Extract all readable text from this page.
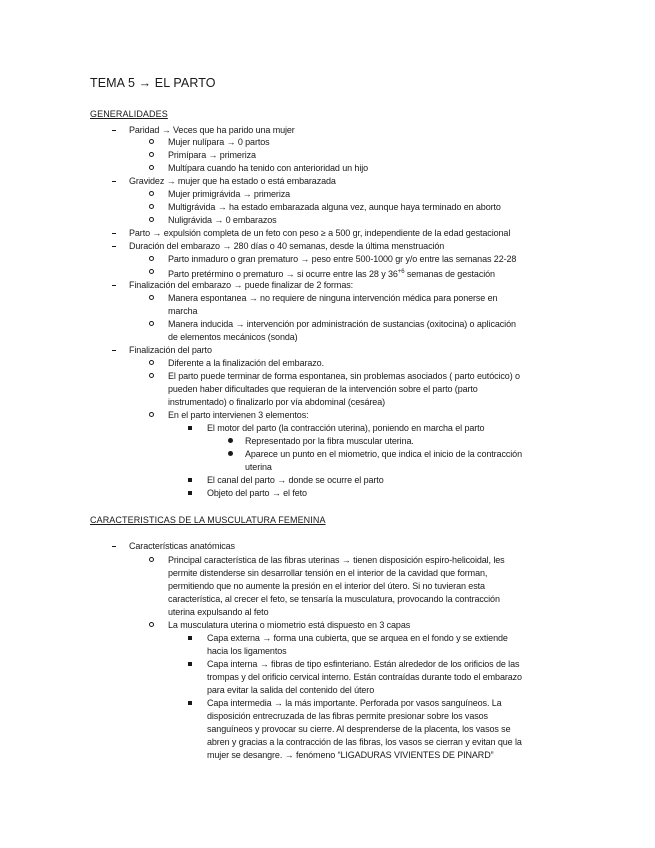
TEMA 5 → EL PARTO
GENERALIDADES
Paridad → Veces que ha parido una mujer
Mujer nulípara → 0 partos
Primípara → primeriza
Multípara cuando ha tenido con anterioridad un hijo
Gravidez → mujer que ha estado o está embarazada
Mujer primigrávida → primeriza
Multigrávida → ha estado embarazada alguna vez, aunque haya terminado en aborto
Nuligrávida → 0 embarazos
Parto → expulsión completa de un feto con peso ≥ a 500 gr, independiente de la edad gestacional
Duración del embarazo → 280 días o 40 semanas, desde la última menstruación
Parto inmaduro o gran prematuro → peso entre 500-1000 gr y/o entre las semanas 22-28
Parto pretérmino o prematuro → si ocurre entre las 28 y $36^{+6}$ semanas de gestación
Finalización del embarazo → puede finalizar de 2 formas:
Manera espontanea → no requiere de ninguna intervención médica para ponerse en
marcha
Manera inducida → intervención por administración de sustancias (oxitocina) o aplicación
de elementos mecánicos (sonda)
Finalización del parto
Diferente a la finalización del embarazo.
El parto puede terminar de forma espontanea, sin problemas asociados ( parto eutócico) o
pueden haber dificultades que requieran de la intervención sobre el parto (parto
instrumentado) o finalizarlo por vía abdominal (cesárea)
En el parto intervienen 3 elementos:
El motor del parto (la contracción uterina), poniendo en marcha el parto
Representado por la fibra muscular uterina.
Aparece un punto en el miometrio, que indica el inicio de la contracción
uterina
El canal del parto → donde se ocurre el parto
Objeto del parto → el feto
CARACTERISTICAS DE LA MUSCULATURA FEMENINA
Características anatómicas
Principal característica de las fibras uterinas → tienen disposición espiro-helicoidal, les
permite distenderse sin desarrollar tensión en el interior de la cavidad que forman,
permitiendo que no aumente la presión en el interior del útero. Si no tuvieran esta
característica, al crecer el feto, se tensaría la musculatura, provocando la contracción
uterina expulsando al feto
La musculatura uterina o miometrio está dispuesto en 3 capas
Capa externa → forma una cubierta, que se arquea en el fondo y se extiende
hacia los ligamentos
Capa interna → fibras de tipo esfinteriano. Están alrededor de los orificios de las
trompas y del orificio cervical interno. Están contraídas durante todo el embarazo
para evitar la salida del contenido del útero
Capa intermedia → la más importante. Perforada por vasos sanguíneos. La
disposición entrecruzada de las fibras permite presionar sobre los vasos
sanguíneos y provocar su cierre. Al desprenderse de la placenta, los vasos se
abren y gracias a la contracción de las fibras, los vasos se cierran y evitan que la
mujer se desangre. → fenómeno “LIGADURAS VIVIENTES DE PINARD”
